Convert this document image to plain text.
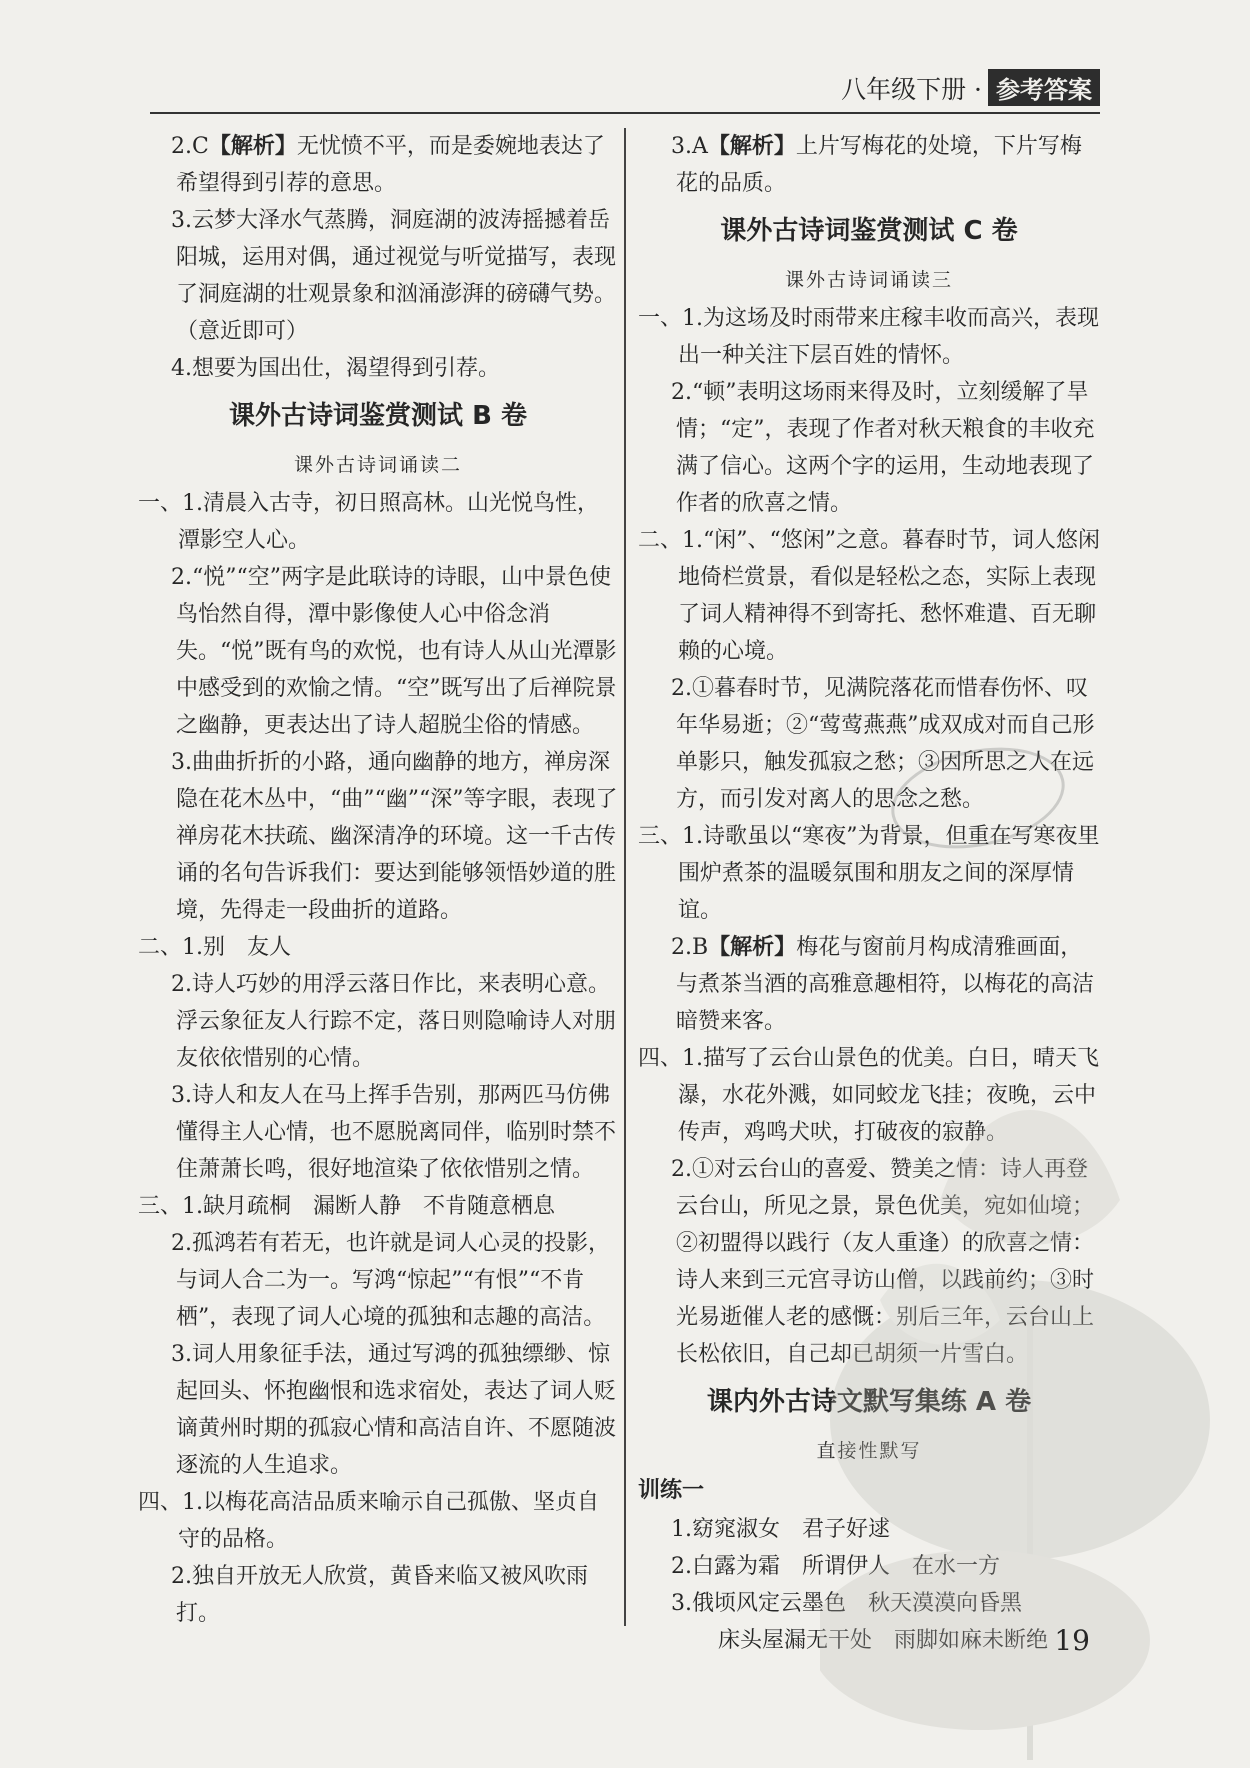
八年级下册 · 参考答案
2.C【解析】无忧愤不平，而是委婉地表达了希望得到引荐的意思。
3.云梦大泽水气蒸腾，洞庭湖的波涛摇撼着岳阳城，运用对偶，通过视觉与听觉描写，表现了洞庭湖的壮观景象和汹涌澎湃的磅礴气势。（意近即可）
4.想要为国出仕，渴望得到引荐。
课外古诗词鉴赏测试 B 卷
课外古诗词诵读二
一、1.清晨入古寺，初日照高林。山光悦鸟性，潭影空人心。
2.“悦”“空”两字是此联诗的诗眼，山中景色使鸟怡然自得，潭中影像使人心中俗念消失。“悦”既有鸟的欢悦，也有诗人从山光潭影中感受到的欢愉之情。“空”既写出了后禅院景之幽静，更表达出了诗人超脱尘俗的情感。
3.曲曲折折的小路，通向幽静的地方，禅房深隐在花木丛中，“曲”“幽”“深”等字眼，表现了禅房花木扶疏、幽深清净的环境。这一千古传诵的名句告诉我们：要达到能够领悟妙道的胜境，先得走一段曲折的道路。
二、1.别　友人
2.诗人巧妙的用浮云落日作比，来表明心意。浮云象征友人行踪不定，落日则隐喻诗人对朋友依依惜别的心情。
3.诗人和友人在马上挥手告别，那两匹马仿佛懂得主人心情，也不愿脱离同伴，临别时禁不住萧萧长鸣，很好地渲染了依依惜别之情。
三、1.缺月疏桐　漏断人静　不肯随意栖息
2.孤鸿若有若无，也许就是词人心灵的投影，与词人合二为一。写鸿“惊起”“有恨”“不肯栖”，表现了词人心境的孤独和志趣的高洁。
3.词人用象征手法，通过写鸿的孤独缥缈、惊起回头、怀抱幽恨和选求宿处，表达了词人贬谪黄州时期的孤寂心情和高洁自许、不愿随波逐流的人生追求。
四、1.以梅花高洁品质来喻示自己孤傲、坚贞自守的品格。
2.独自开放无人欣赏，黄昏来临又被风吹雨打。
3.A【解析】上片写梅花的处境，下片写梅花的品质。
课外古诗词鉴赏测试 C 卷
课外古诗词诵读三
一、1.为这场及时雨带来庄稼丰收而高兴，表现出一种关注下层百姓的情怀。
2.“顿”表明这场雨来得及时，立刻缓解了旱情；“定”，表现了作者对秋天粮食的丰收充满了信心。这两个字的运用，生动地表现了作者的欣喜之情。
二、1.“闲”、“悠闲”之意。暮春时节，词人悠闲地倚栏赏景，看似是轻松之态，实际上表现了词人精神得不到寄托、愁怀难遣、百无聊赖的心境。
2.①暮春时节，见满院落花而惜春伤怀、叹年华易逝；②“莺莺燕燕”成双成对而自己形单影只，触发孤寂之愁；③因所思之人在远方，而引发对离人的思念之愁。
三、1.诗歌虽以“寒夜”为背景，但重在写寒夜里围炉煮茶的温暖氛围和朋友之间的深厚情谊。
2.B【解析】梅花与窗前月构成清雅画面，与煮茶当酒的高雅意趣相符，以梅花的高洁暗赞来客。
四、1.描写了云台山景色的优美。白日，晴天飞瀑，水花外溅，如同蛟龙飞挂；夜晚，云中传声，鸡鸣犬吠，打破夜的寂静。
2.①对云台山的喜爱、赞美之情：诗人再登云台山，所见之景，景色优美，宛如仙境；②初盟得以践行（友人重逢）的欣喜之情：诗人来到三元宫寻访山僧，以践前约；③时光易逝催人老的感慨：别后三年，云台山上长松依旧，自己却已胡须一片雪白。
课内外古诗文默写集练 A 卷
直接性默写
训练一
1.窈窕淑女　君子好逑
2.白露为霜　所谓伊人　在水一方
3.俄顷风定云墨色　秋天漠漠向昏黑
床头屋漏无干处　雨脚如麻未断绝 19
